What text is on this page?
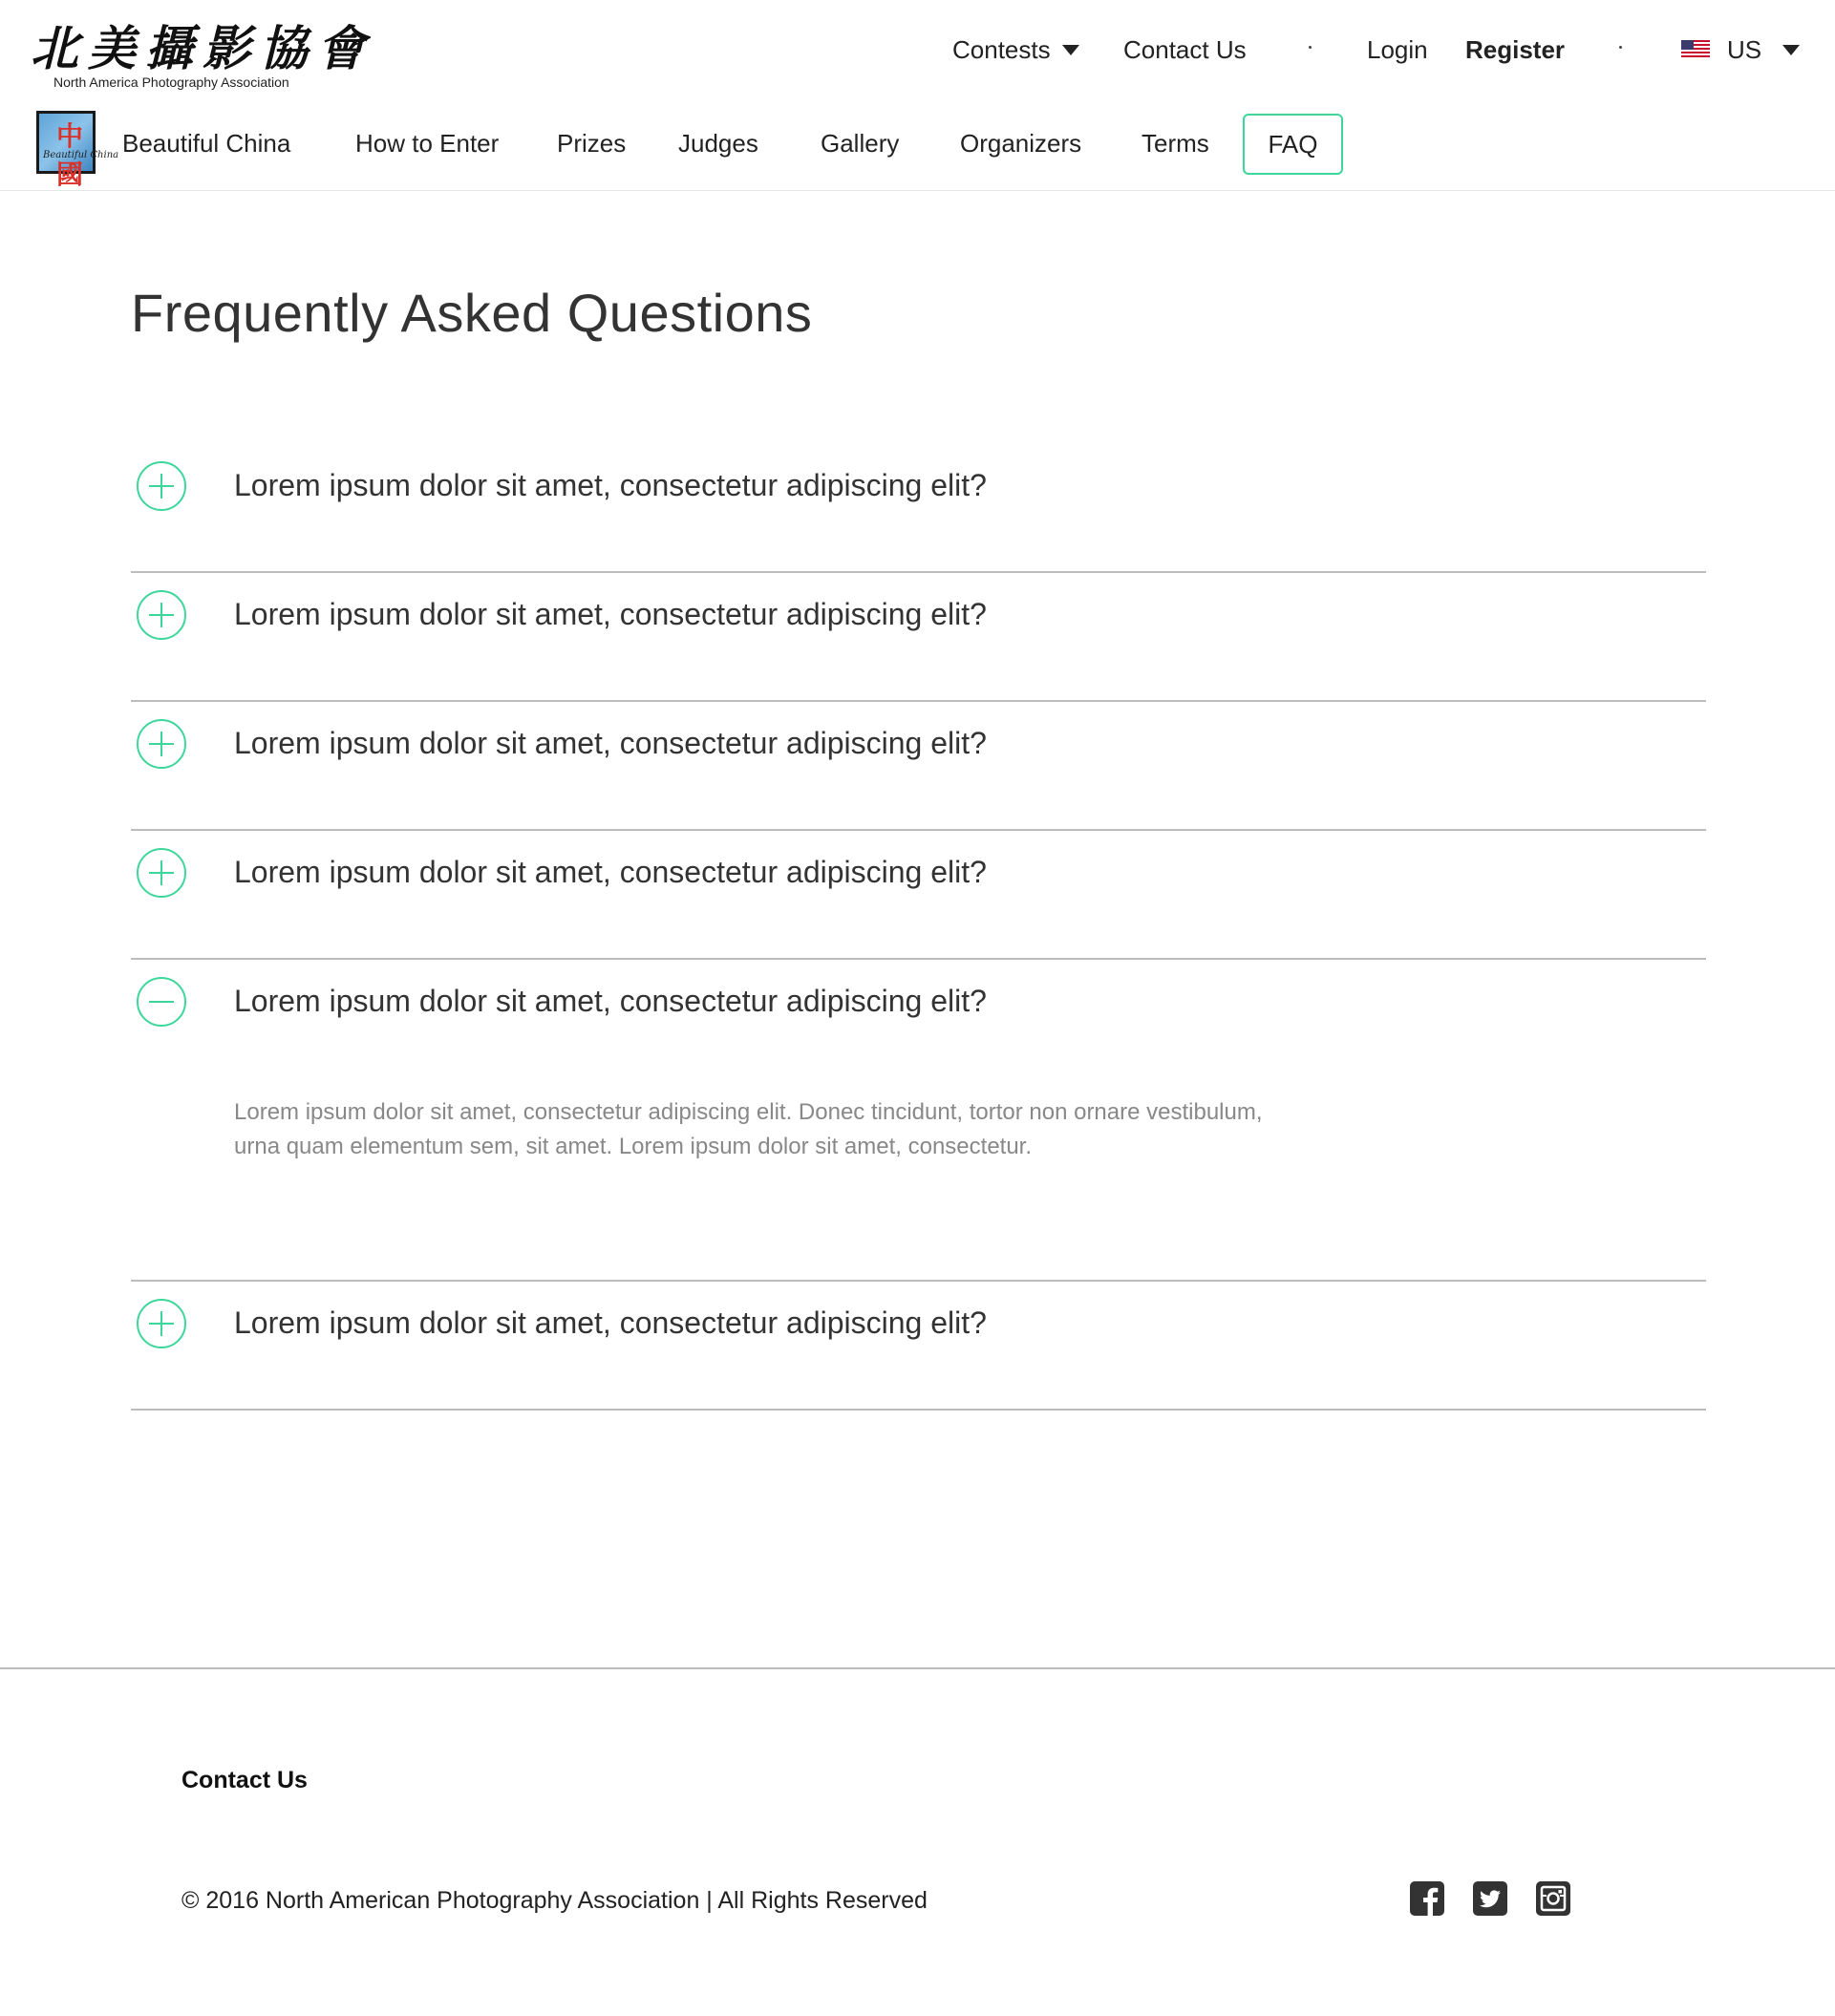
北美攝影協會
North America Photography Association
Contests	Contact Us	Login Register	US
中國
Beautiful China Beautiful China	How to Enter Prizes Judges	Gallery Organizers Terms	FAQ
Frequently Asked Questions
Lorem ipsum dolor sit amet, consectetur adipiscing elit?
Lorem ipsum dolor sit amet, consectetur adipiscing elit?
Lorem ipsum dolor sit amet, consectetur adipiscing elit?
Lorem ipsum dolor sit amet, consectetur adipiscing elit?
Lorem ipsum dolor sit amet, consectetur adipiscing elit?
Lorem ipsum dolor sit amet, consectetur adipiscing elit. Donec tincidunt, tortor non ornare vestibulum, urna quam elementum sem, sit amet. Lorem ipsum dolor sit amet, consectetur.
Lorem ipsum dolor sit amet, consectetur adipiscing elit?
Contact Us
© 2016 North American Photography Association | All Rights Reserved
